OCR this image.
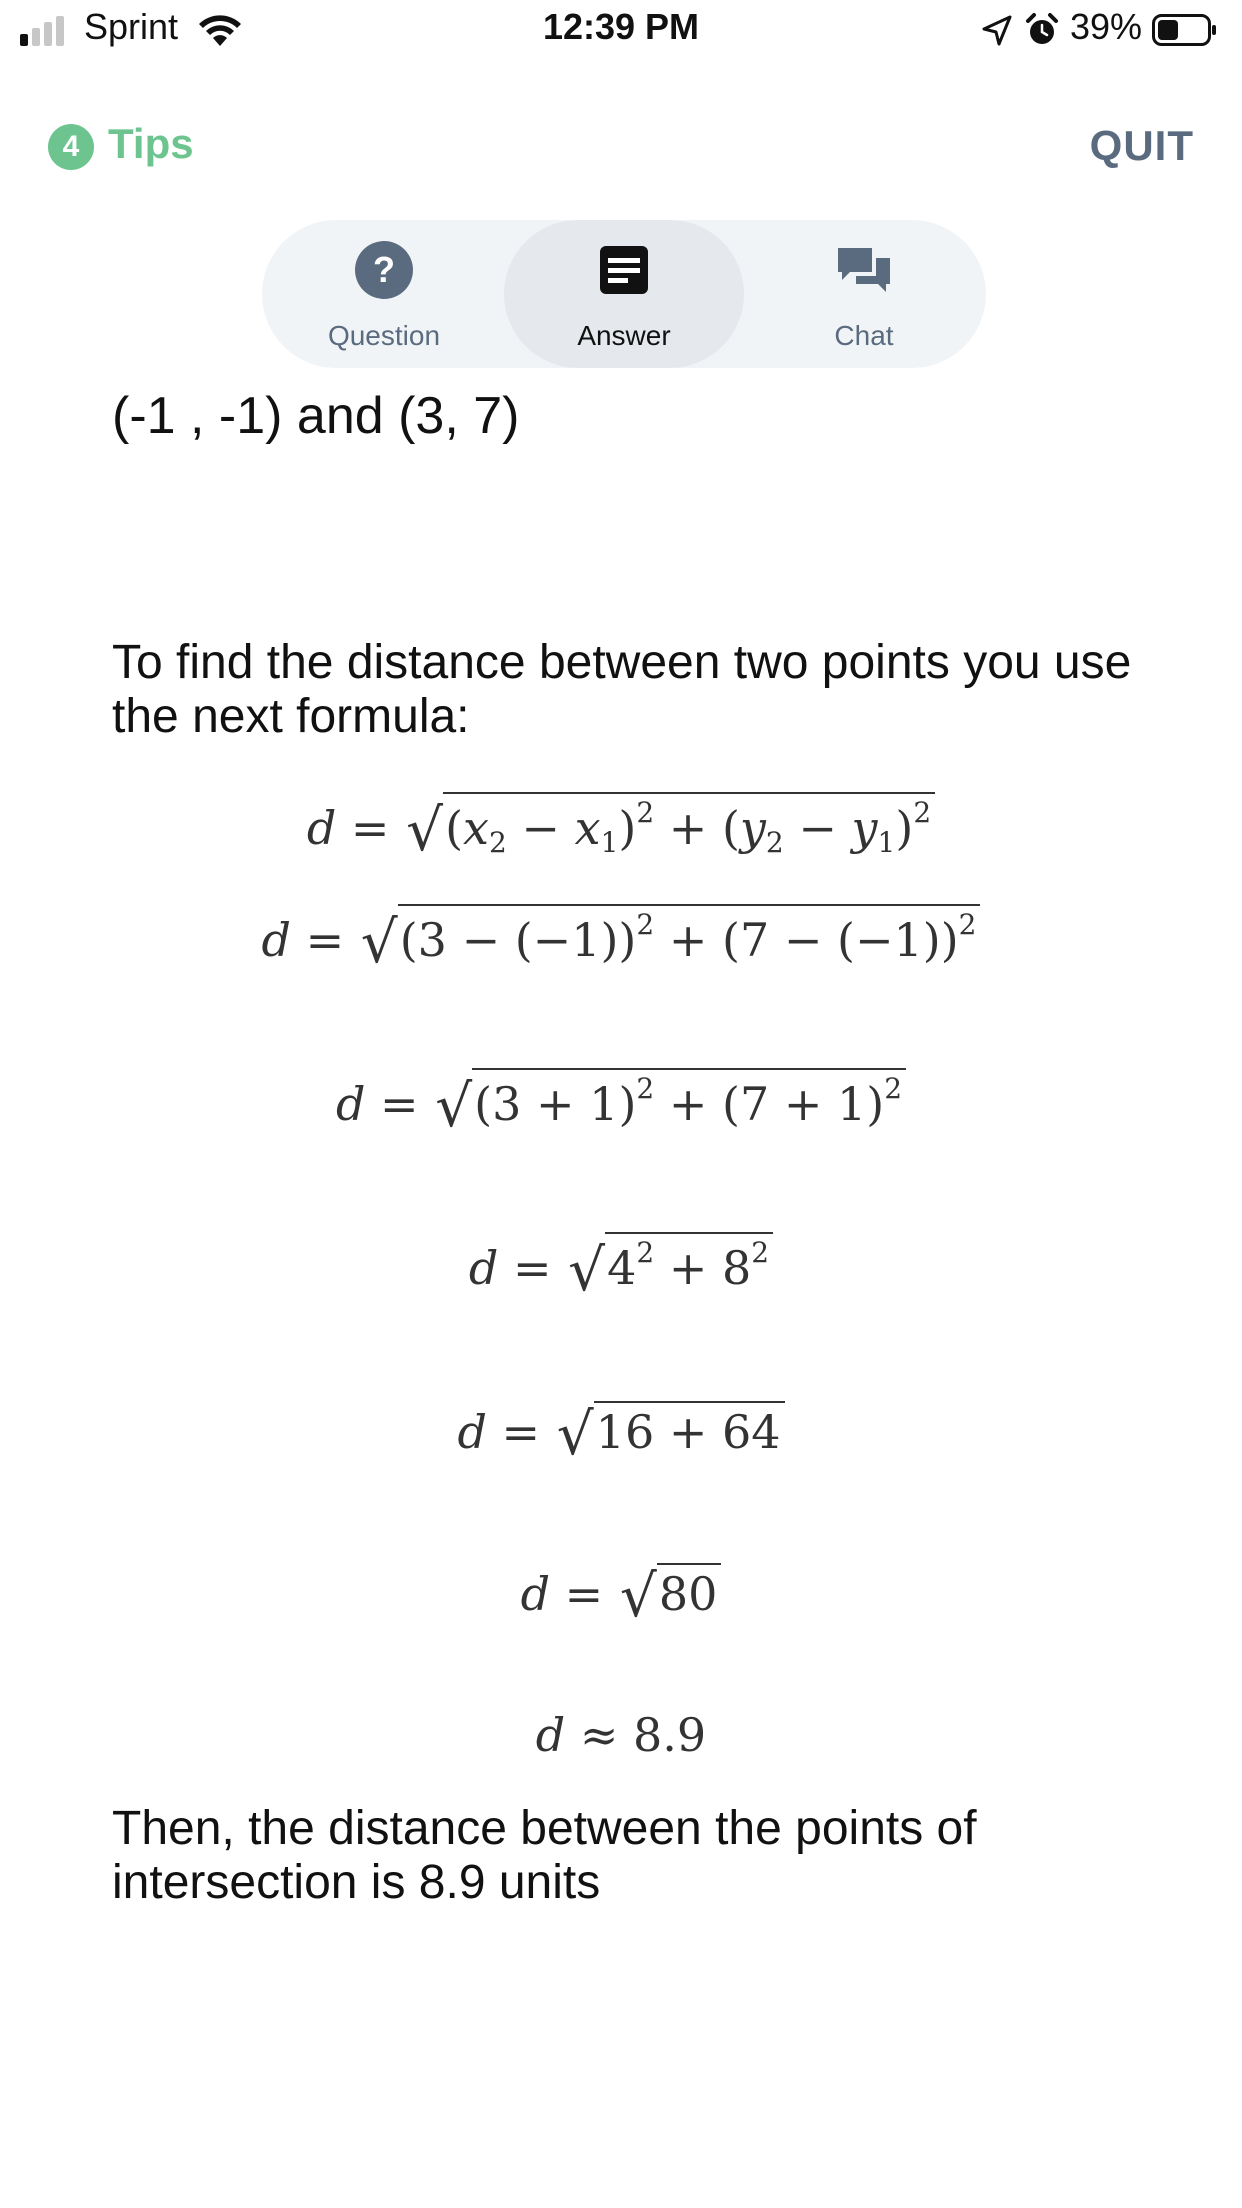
Sprint	12:39 PM	39%
4 Tips	QUIT
?
Question	Answer	Chat
(-1 , -1) and (3, 7)
To find the distance between two points you use the next formula:
$d = √(x_2 - x_1)^2 + (y_2 - y_1)^2$
$d = √(3 - (-1))^2 + (7 - (-1))^2$
$d = √(3 + 1)^2 + (7 + 1)^2$
$d = √4^2 + 8^2$
d = √16 + 64
d = √80
d ≈ 8.9
Then, the distance between the points of intersection is 8.9 units
